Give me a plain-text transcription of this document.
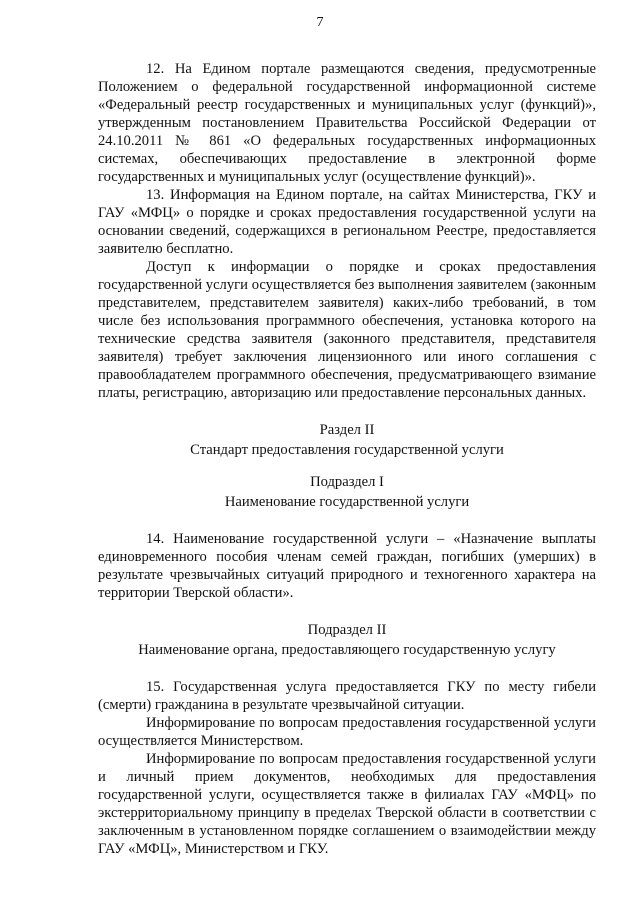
7

12. На Едином портале размещаются сведения, предусмотренные Положением о федеральной государственной информационной системе «Федеральный реестр государственных и муниципальных услуг (функций)», утвержденным постановлением Правительства Российской Федерации от 24.10.2011 № 861 «О федеральных государственных информационных системах, обеспечивающих предоставление в электронной форме государственных и муниципальных услуг (осуществление функций)».

13. Информация на Едином портале, на сайтах Министерства, ГКУ и ГАУ «МФЦ» о порядке и сроках предоставления государственной услуги на основании сведений, содержащихся в региональном Реестре, предоставляется заявителю бесплатно.

Доступ к информации о порядке и сроках предоставления государственной услуги осуществляется без выполнения заявителем (законным представителем, представителем заявителя) каких-либо требований, в том числе без использования программного обеспечения, установка которого на технические средства заявителя (законного представителя, представителя заявителя) требует заключения лицензионного или иного соглашения с правообладателем программного обеспечения, предусматривающего взимание платы, регистрацию, авторизацию или предоставление персональных данных.

Раздел II
Стандарт предоставления государственной услуги
Подраздел I
Наименование государственной услуги

14. Наименование государственной услуги – «Назначение выплаты единовременного пособия членам семей граждан, погибших (умерших) в результате чрезвычайных ситуаций природного и техногенного характера на территории Тверской области».

Подраздел II
Наименование органа, предоставляющего государственную услугу

15. Государственная услуга предоставляется ГКУ по месту гибели (смерти) гражданина в результате чрезвычайной ситуации.

Информирование по вопросам предоставления государственной услуги осуществляется Министерством.

Информирование по вопросам предоставления государственной услуги и личный прием документов, необходимых для предоставления государственной услуги, осуществляется также в филиалах ГАУ «МФЦ» по экстерриториальному принципу в пределах Тверской области в соответствии с заключенным в установленном порядке соглашением о взаимодействии между ГАУ «МФЦ», Министерством и ГКУ.
